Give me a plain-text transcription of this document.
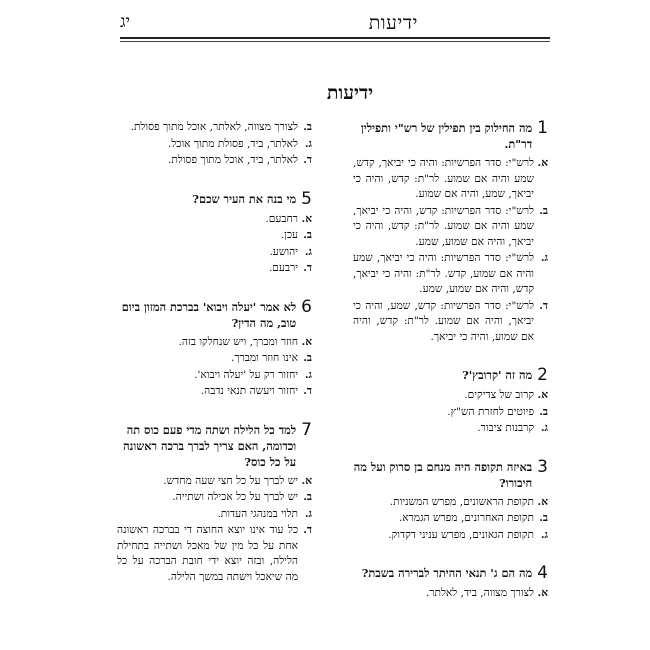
ידיעות
יג
ידיעות
1
מה החילוק בין תפילין של רש"י ותפילין דר"ת.
א.
לרש"י: סדר הפרשיות: והיה כי יביאך, קדש, שמע והיה אם שמוע. לר"ת: קדש, והיה כי יביאך, שמע, והיה אם שמוע.
ב.
לרש"י: סדר הפרשיות: קדש, והיה כי יביאך, שמע והיה אם שמוע. לר"ת: קדש, והיה כי יביאך, והיה אם שמוע, שמע.
ג.
לרש"י: סדר הפרשיות: והיה כי יביאך, שמע והיה אם שמוע, קדש. לר"ת: והיה כי יביאך, קדש, והיה אם שמוע, שמע.
ד.
לרש"י: סדר הפרשיות: קדש, שמע, והיה כי יביאך, והיה אם שמוע. לר"ת: קדש, והיה אם שמוע, והיה כי יביאך.
2
מה זה 'קרובץ'?
א.
קרוב של צדיקים.
ב.
פיוטים לחזרת הש"ץ.
ג.
קרבנות ציבור.
3
באיזה תקופה היה מנחם בן סרוק ועל מה חיבורו?
א.
תקופת הראשונים, מפרש המשניות.
ב.
תקופת האחרונים, מפרש הגמרא.
ג.
תקופת הגאונים, מפרש עניני דקדוק.
4
מה הם ג' תנאי ההיתר לברירה בשבת?
א.
לצורך מצווה, ביד, לאלתר.
ב.
לצורך מצווה, לאלתר, אוכל מתוך פסולת.
ג.
לאלתר, ביד, פסולת מתוך אוכל.
ד.
לאלתר, ביד, אוכל מתוך פסולת.
5
מי בנה את העיר שכם?
א.
רחבעם.
ב.
עכן.
ג.
יהושע.
ד.
ירבעם.
6
לא אמר 'יעלה ויבוא' בברכת המזון ביום טוב, מה הדין?
א.
חוזר ומברך, ויש שנחלקו בזה.
ב.
אינו חוזר ומברך.
ג.
יחזור רק על 'יעלה ויבוא'.
ד.
יחזור ויעשה תנאי נדבה.
7
למד כל הלילה ושתה מדי פעם כוס תה וכדומה, האם צריך לברך ברכה ראשונה על כל כוס?
א.
יש לברך על כל חצי שעה מחדש.
ב.
יש לברך על כל אכילה ושתייה.
ג.
תלוי במנהגי העדות.
ד.
כל עוד אינו יוצא החוצה די בברכה ראשונה אחת על כל מין של מאכל ושתייה בתחילת הלילה, ובזה יוצא ידי חובת הברכה על כל מה שיאכל וישתה במשך הלילה.
